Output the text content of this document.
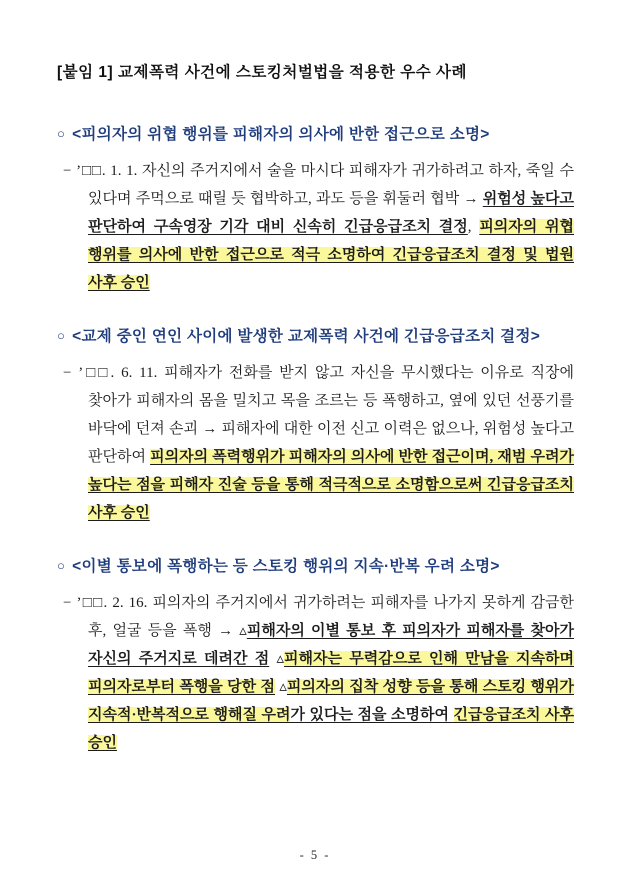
[붙임 1] 교제폭력 사건에 스토킹처벌법을 적용한 우수 사례
○ <피의자의 위협 행위를 피해자의 의사에 반한 접근으로 소명>

− ’□□. 1. 1. 자신의 주거지에서 술을 마시다 피해자가 귀가하려고 하자, 죽일 수 있다며 주먹으로 때릴 듯 협박하고, 과도 등을 휘둘러 협박 → 위험성 높다고 판단하여 구속영장 기각 대비 신속히 긴급응급조치 결정, 피의자의 위협 행위를 의사에 반한 접근으로 적극 소명하여 긴급응급조치 결정 및 법원 사후 승인

○ <교제 중인 연인 사이에 발생한 교제폭력 사건에 긴급응급조치 결정>

− ’□□. 6. 11. 피해자가 전화를 받지 않고 자신을 무시했다는 이유로 직장에 찾아가 피해자의 몸을 밀치고 목을 조르는 등 폭행하고, 옆에 있던 선풍기를 바닥에 던져 손괴 → 피해자에 대한 이전 신고 이력은 없으나, 위험성 높다고 판단하여 피의자의 폭력행위가 피해자의 의사에 반한 접근이며, 재범 우려가 높다는 점을 피해자 진술 등을 통해 적극적으로 소명함으로써 긴급응급조치 사후 승인

○ <이별 통보에 폭행하는 등 스토킹 행위의 지속·반복 우려 소명>

− ’□□. 2. 16. 피의자의 주거지에서 귀가하려는 피해자를 나가지 못하게 감금한 후, 얼굴 등을 폭행 → ▵피해자의 이별 통보 후 피의자가 피해자를 찾아가 자신의 주거지로 데려간 점 ▵피해자는 무력감으로 인해 만남을 지속하며 피의자로부터 폭행을 당한 점 ▵피의자의 집착 성향 등을 통해 스토킹 행위가 지속적·반복적으로 행해질 우려가 있다는 점을 소명하여 긴급응급조치 사후 승인

- 5 -
